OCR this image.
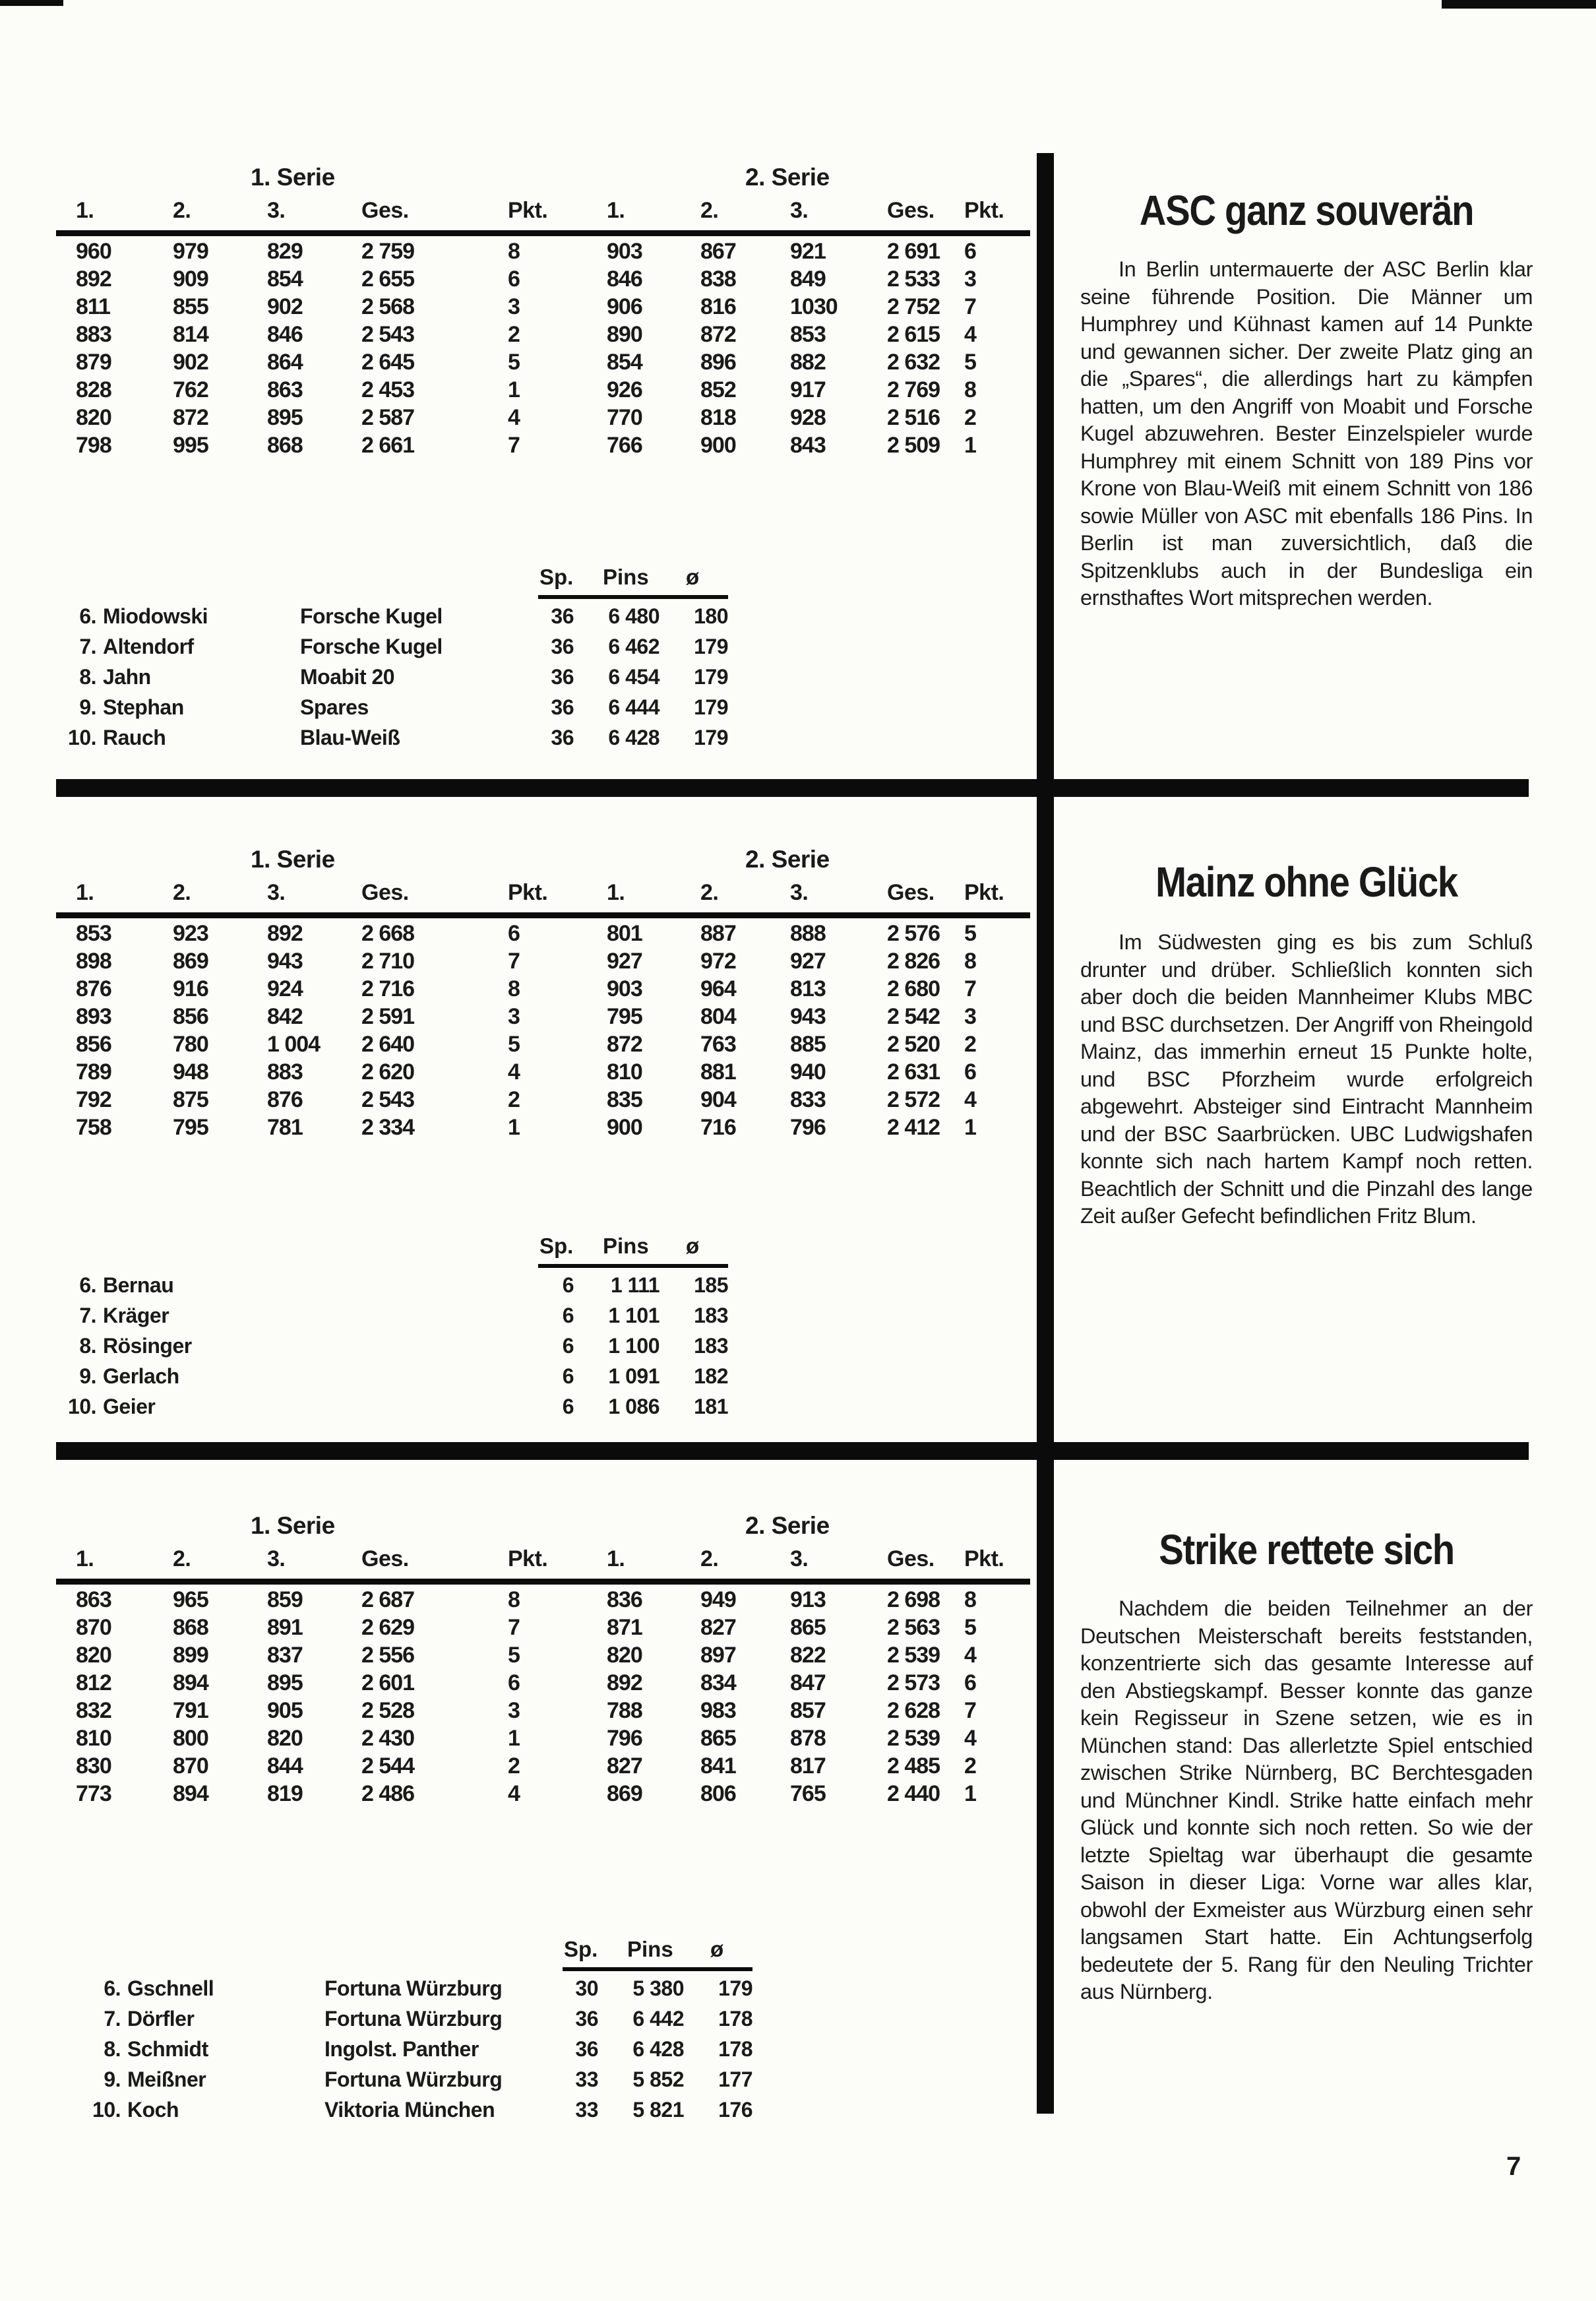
1. Serie	2. Serie
1.	2.	3.	Ges.	Pkt.	1.	2.	3.	Ges.	Pkt.
960	979	829	2 759	8	903	867	921	2 691	6
892	909	854	2 655	6	846	838	849	2 533	3
811	855	902	2 568	3	906	816	1030	2 752	7
883	814	846	2 543	2	890	872	853	2 615	4
879	902	864	2 645	5	854	896	882	2 632	5
828	762	863	2 453	1	926	852	917	2 769	8
820	872	895	2 587	4	770	818	928	2 516	2
798	995	868	2 661	7	766	900	843	2 509	1
Sp.	Pins	ø
6. Miodowski	Forsche Kugel	36	6 480	180
7. Altendorf	Forsche Kugel	36	6 462	179
8. Jahn	Moabit 20	36	6 454	179
9. Stephan	Spares	36	6 444	179
10. Rauch	Blau-Weiß	36	6 428	179
ASC ganz souverän
In Berlin untermauerte der ASC Berlin klar seine führende Position. Die Männer um Humphrey und Kühnast kamen auf 14 Punkte und gewannen sicher. Der zweite Platz ging an die „Spares“, die allerdings hart zu kämpfen hatten, um den Angriff von Moabit und Forsche Kugel abzuwehren. Bester Einzelspieler wurde Humphrey mit einem Schnitt von 189 Pins vor Krone von Blau-Weiß mit einem Schnitt von 186 sowie Müller von ASC mit ebenfalls 186 Pins. In Berlin ist man zuversichtlich, daß die Spitzenklubs auch in der Bundesliga ein ernsthaftes Wort mitsprechen werden.
1. Serie	2. Serie
1.	2.	3.	Ges.	Pkt.	1.	2.	3.	Ges.	Pkt.
853	923	892	2 668	6	801	887	888	2 576	5
898	869	943	2 710	7	927	972	927	2 826	8
876	916	924	2 716	8	903	964	813	2 680	7
893	856	842	2 591	3	795	804	943	2 542	3
856	780	1 004	2 640	5	872	763	885	2 520	2
789	948	883	2 620	4	810	881	940	2 631	6
792	875	876	2 543	2	835	904	833	2 572	4
758	795	781	2 334	1	900	716	796	2 412	1
Sp.	Pins	ø
6. Bernau	6	1 111	185
7. Kräger	6	1 101	183
8. Rösinger	6	1 100	183
9. Gerlach	6	1 091	182
10. Geier	6	1 086	181
Mainz ohne Glück
Im Südwesten ging es bis zum Schluß drunter und drüber. Schließlich konnten sich aber doch die beiden Mannheimer Klubs MBC und BSC durchsetzen. Der Angriff von Rheingold Mainz, das immerhin erneut 15 Punkte holte, und BSC Pforzheim wurde erfolgreich abgewehrt. Absteiger sind Eintracht Mannheim und der BSC Saarbrücken. UBC Ludwigshafen konnte sich nach hartem Kampf noch retten. Beachtlich der Schnitt und die Pinzahl des lange Zeit außer Gefecht befindlichen Fritz Blum.
1. Serie	2. Serie
1.	2.	3.	Ges.	Pkt.	1.	2.	3.	Ges.	Pkt.
863	965	859	2 687	8	836	949	913	2 698	8
870	868	891	2 629	7	871	827	865	2 563	5
820	899	837	2 556	5	820	897	822	2 539	4
812	894	895	2 601	6	892	834	847	2 573	6
832	791	905	2 528	3	788	983	857	2 628	7
810	800	820	2 430	1	796	865	878	2 539	4
830	870	844	2 544	2	827	841	817	2 485	2
773	894	819	2 486	4	869	806	765	2 440	1
Sp.	Pins	ø
6. Gschnell	Fortuna Würzburg	30	5 380	179
7. Dörfler	Fortuna Würzburg	36	6 442	178
8. Schmidt	Ingolst. Panther	36	6 428	178
9. Meißner	Fortuna Würzburg	33	5 852	177
10. Koch	Viktoria München	33	5 821	176
Strike rettete sich
Nachdem die beiden Teilnehmer an der Deutschen Meisterschaft bereits feststanden, konzentrierte sich das gesamte Interesse auf den Abstiegskampf. Besser konnte das ganze kein Regisseur in Szene setzen, wie es in München stand: Das allerletzte Spiel entschied zwischen Strike Nürnberg, BC Berchtesgaden und Münchner Kindl. Strike hatte einfach mehr Glück und konnte sich noch retten. So wie der letzte Spieltag war überhaupt die gesamte Saison in dieser Liga: Vorne war alles klar, obwohl der Exmeister aus Würzburg einen sehr langsamen Start hatte. Ein Achtungserfolg bedeutete der 5. Rang für den Neuling Trichter aus Nürnberg.
7
